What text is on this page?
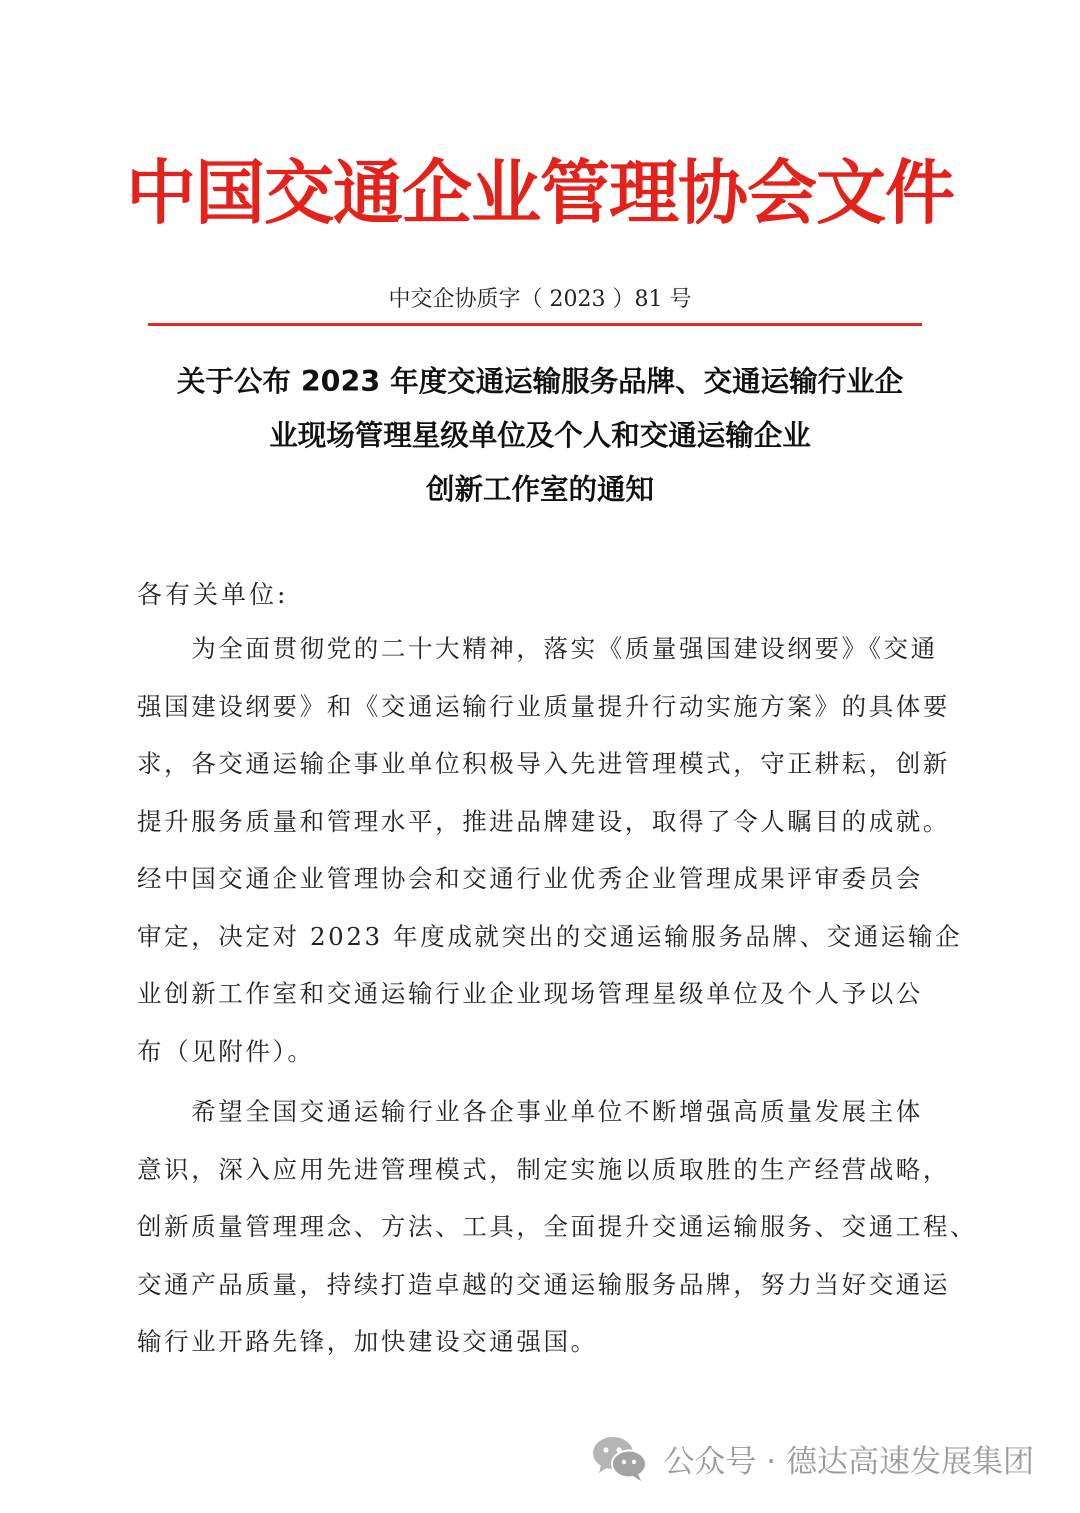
中国交通企业管理协会文件
中交企协质字（ 2023 ）81 号
关于公布 2023 年度交通运输服务品牌、交通运输行业企
业现场管理星级单位及个人和交通运输企业
创新工作室的通知
各有关单位:
　　为全面贯彻党的二十大精神，落实《质量强国建设纲要》《交通
强国建设纲要》和《交通运输行业质量提升行动实施方案》的具体要
求，各交通运输企事业单位积极导入先进管理模式，守正耕耘，创新
提升服务质量和管理水平，推进品牌建设，取得了令人瞩目的成就。
经中国交通企业管理协会和交通行业优秀企业管理成果评审委员会
审定，决定对 2023 年度成就突出的交通运输服务品牌、交通运输企
业创新工作室和交通运输行业企业现场管理星级单位及个人予以公
布（见附件）。
　　希望全国交通运输行业各企事业单位不断增强高质量发展主体
意识，深入应用先进管理模式，制定实施以质取胜的生产经营战略，
创新质量管理理念、方法、工具，全面提升交通运输服务、交通工程、
交通产品质量，持续打造卓越的交通运输服务品牌，努力当好交通运
输行业开路先锋，加快建设交通强国。
公众号 · 德达高速发展集团
